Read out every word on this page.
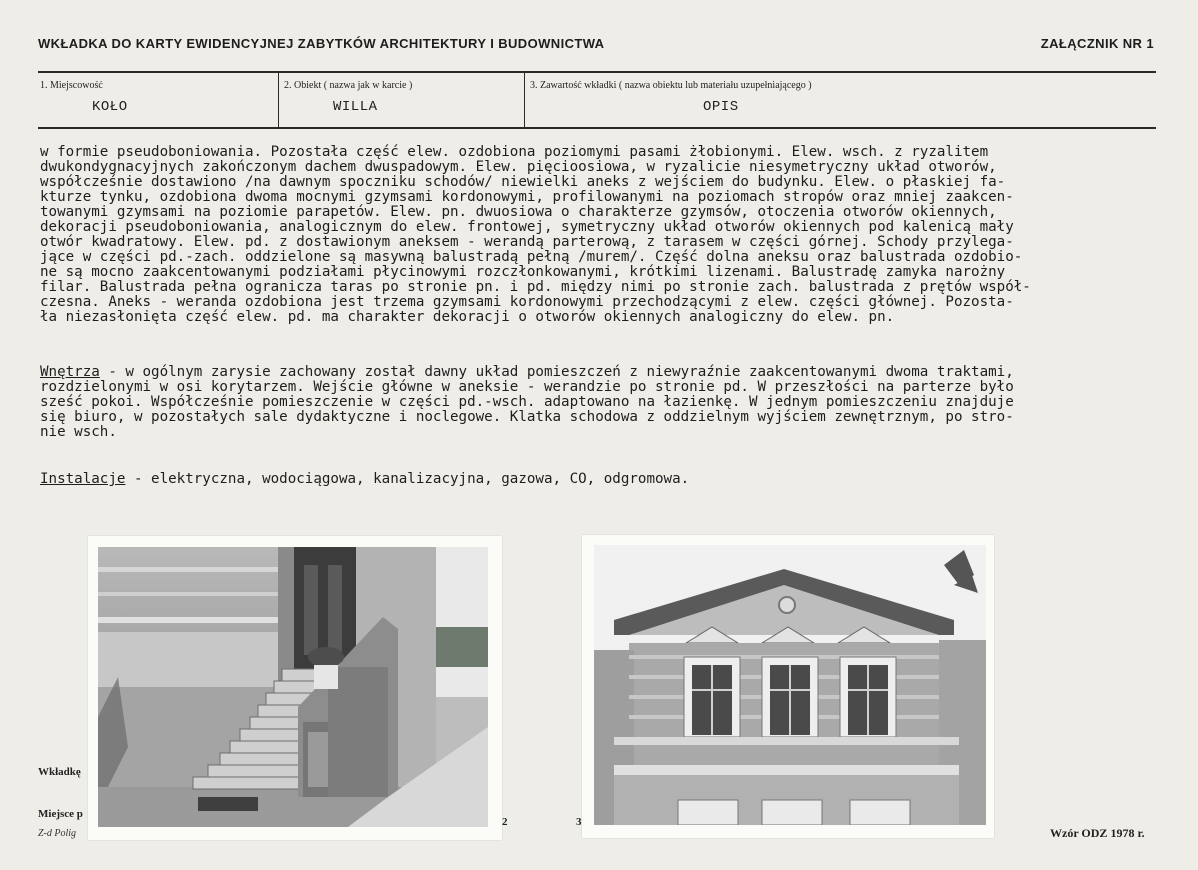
WKŁADKA DO KARTY EWIDENCYJNEJ ZABYTKÓW ARCHITEKTURY I BUDOWNICTWA	ZAŁĄCZNIK NR 1
1. Miejscowość
KOŁO
2. Obiekt ( nazwa jak w karcie )
WILLA
3. Zawartość wkładki ( nazwa obiektu lub materiału uzupełniającego )
OPIS
w formie pseudoboniowania. Pozostała część elew. ozdobiona poziomymi pasami żłobionymi. Elew. wsch. z ryzalitem
dwukondygnacyjnych zakończonym dachem dwuspadowym. Elew. pięcioosiowa, w ryzalicie niesymetryczny układ otworów,
współcześnie dostawiono /na dawnym spoczniku schodów/ niewielki aneks z wejściem do budynku. Elew. o płaskiej fa-
kturze tynku, ozdobiona dwoma mocnymi gzymsami kordonowymi, profilowanymi na poziomach stropów oraz mniej zaakcen-
towanymi gzymsami na poziomie parapetów. Elew. pn. dwuosiowa o charakterze gzymsów, otoczenia otworów okiennych,
dekoracji pseudoboniowania, analogicznym do elew. frontowej, symetryczny układ otworów okiennych pod kalenicą mały
otwór kwadratowy. Elew. pd. z dostawionym aneksem - werandą parterową, z tarasem w części górnej. Schody przylega-
jące w części pd.-zach. oddzielone są masywną balustradą pełną /murem/. Część dolna aneksu oraz balustrada ozdobio-
ne są mocno zaakcentowanymi podziałami płycinowymi rozczłonkowanymi, krótkimi lizenami. Balustradę zamyka narożny
filar. Balustrada pełna ogranicza taras po stronie pn. i pd. między nimi po stronie zach. balustrada z prętów współ-
czesna. Aneks - weranda ozdobiona jest trzema gzymsami kordonowymi przechodzącymi z elew. części głównej. Pozosta-
ła niezasłonięta część elew. pd. ma charakter dekoracji o otworów okiennych analogiczny do elew. pn.
Wnętrza - w ogólnym zarysie zachowany został dawny układ pomieszczeń z niewyraźnie zaakcentowanymi dwoma traktami,
rozdzielonymi w osi korytarzem. Wejście główne w aneksie - werandzie po stronie pd. W przeszłości na parterze było
sześć pokoi. Współcześnie pomieszczenie w części pd.-wsch. adaptowano na łazienkę. W jednym pomieszczeniu znajduje
się biuro, w pozostałych sale dydaktyczne i noclegowe. Klatka schodowa z oddzielnym wyjściem zewnętrznym, po stro-
nie wsch.
Instalacje - elektryczna, wodociągowa, kanalizacyjna, gazowa, CO, odgromowa.
Wkładkę
Miejsce p
Z-d Polig
2	3
Wzór ODZ 1978 r.
